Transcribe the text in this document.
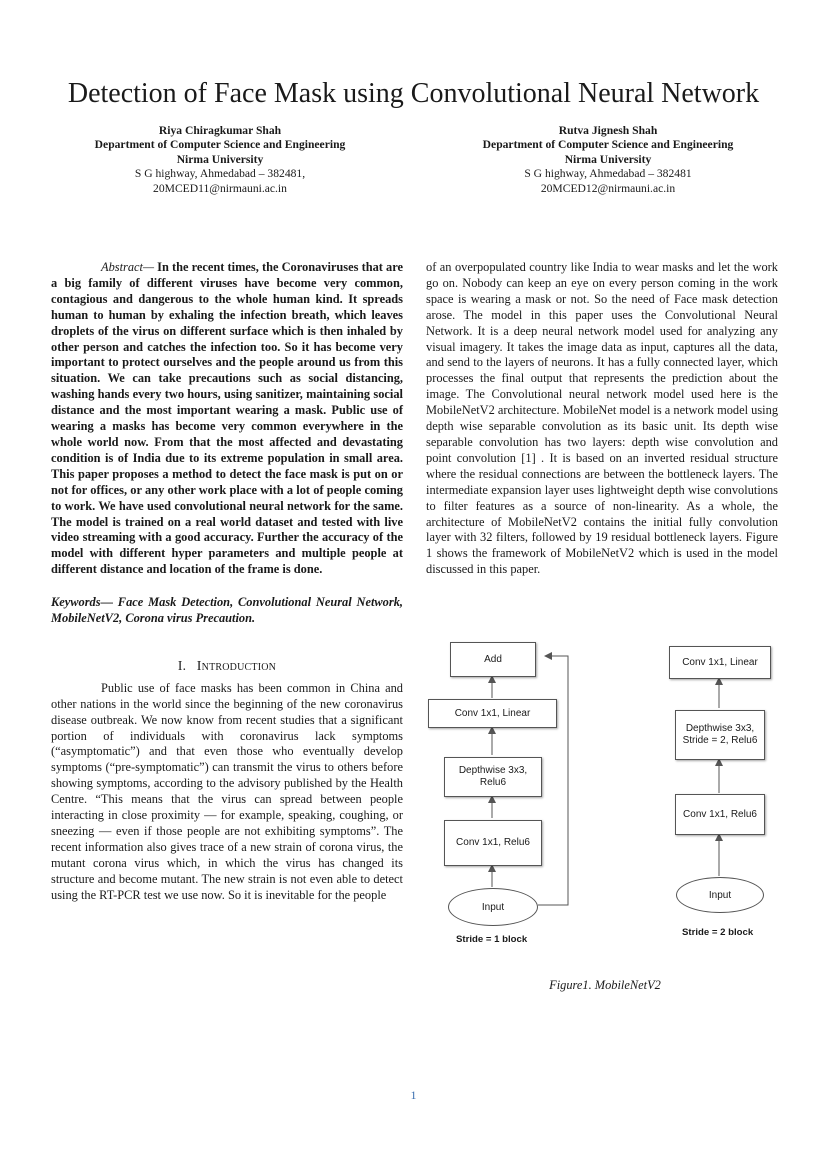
Detection of Face Mask using Convolutional Neural Network
Riya Chiragkumar Shah
Department of Computer Science and Engineering
Nirma University
S G highway, Ahmedabad – 382481,
20MCED11@nirmauni.ac.in
Rutva Jignesh Shah
Department of Computer Science and Engineering
Nirma University
S G highway, Ahmedabad – 382481
20MCED12@nirmauni.ac.in

Abstract— In the recent times, the Coronaviruses that are a big family of different viruses have become very common, contagious and dangerous to the whole human kind. It spreads human to human by exhaling the infection breath, which leaves droplets of the virus on different surface which is then inhaled by other person and catches the infection too. So it has become very important to protect ourselves and the people around us from this situation. We can take precautions such as social distancing, washing hands every two hours, using sanitizer, maintaining social distance and the most important wearing a mask. Public use of wearing a masks has become very common everywhere in the whole world now. From that the most affected and devastating condition is of India due to its extreme population in small area. This paper proposes a method to detect the face mask is put on or not for offices, or any other work place with a lot of people coming to work. We have used convolutional neural network for the same. The model is trained on a real world dataset and tested with live video streaming with a good accuracy. Further the accuracy of the model with different hyper parameters and multiple people at different distance and location of the frame is done.

Keywords— Face Mask Detection, Convolutional Neural Network, MobileNetV2, Corona virus Precaution.

I. Introduction

Public use of face masks has been common in China and other nations in the world since the beginning of the new coronavirus disease outbreak. We now know from recent studies that a significant portion of individuals with coronavirus lack symptoms (“asymptomatic”) and that even those who eventually develop symptoms (“pre-symptomatic”) can transmit the virus to others before showing symptoms, according to the advisory published by the Health Centre. “This means that the virus can spread between people interacting in close proximity — for example, speaking, coughing, or sneezing — even if those people are not exhibiting symptoms”. The recent information also gives trace of a new strain of corona virus, the mutant corona virus which, in which the virus has changed its structure and become mutant. The new strain is not even able to detect using the RT-PCR test we use now. So it is inevitable for the people

of an overpopulated country like India to wear masks and let the work go on. Nobody can keep an eye on every person coming in the work space is wearing a mask or not. So the need of Face mask detection arose. The model in this paper uses the Convolutional Neural Network. It is a deep neural network model used for analyzing any visual imagery. It takes the image data as input, captures all the data, and send to the layers of neurons. It has a fully connected layer, which processes the final output that represents the prediction about the image. The Convolutional neural network model used here is the MobileNetV2 architecture. MobileNet model is a network model using depth wise separable convolution as its basic unit. Its depth wise separable convolution has two layers: depth wise convolution and point convolution [1] . It is based on an inverted residual structure where the residual connections are between the bottleneck layers. The intermediate expansion layer uses lightweight depth wise convolutions to filter features as a source of non-linearity. As a whole, the architecture of MobileNetV2 contains the initial fully convolution layer with 32 filters, followed by 19 residual bottleneck layers. Figure 1 shows the framework of MobileNetV2 which is used in the model discussed in this paper.

Add
Conv 1x1, Linear
Depthwise 3x3, Relu6
Conv 1x1, Relu6
Input
Stride = 1 block
Conv 1x1, Linear
Depthwise 3x3, Stride = 2, Relu6
Conv 1x1, Relu6
Input
Stride = 2 block
Figure1. MobileNetV2
1
